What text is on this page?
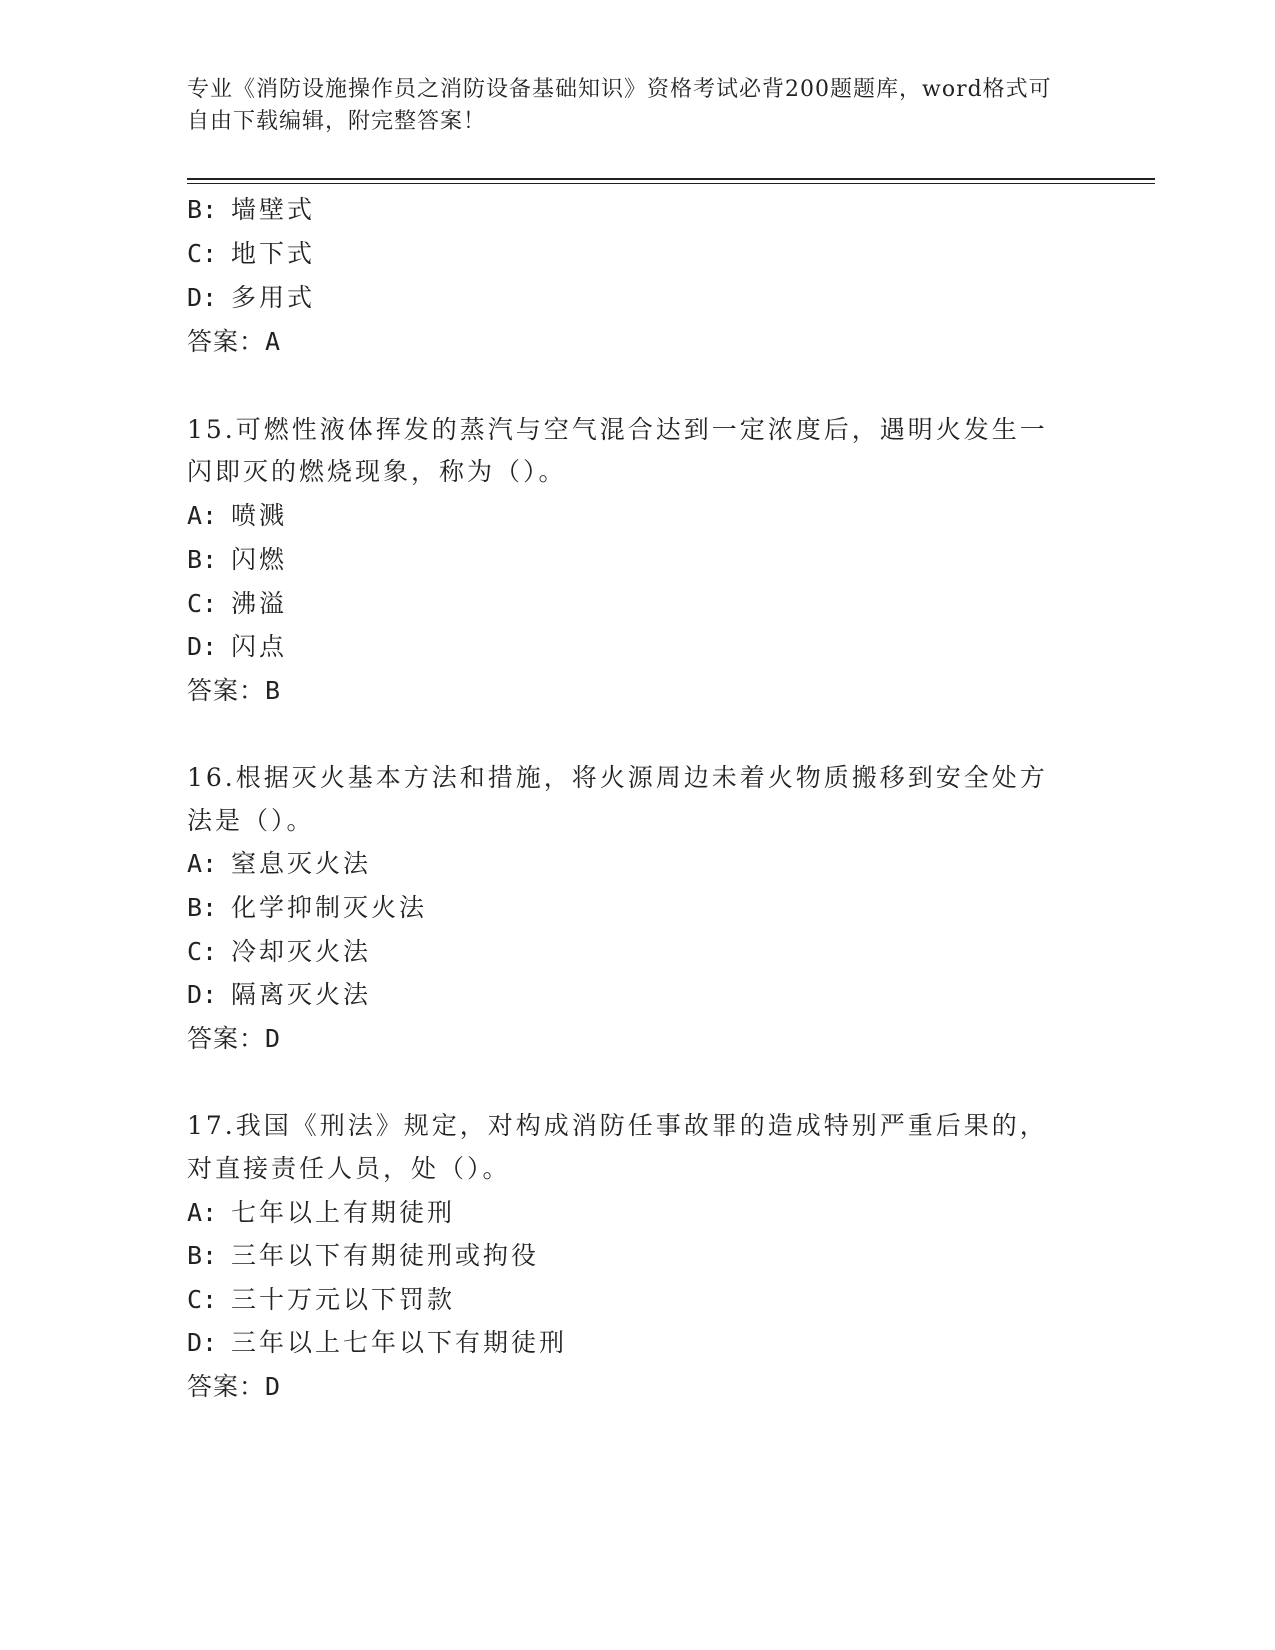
专业《消防设施操作员之消防设备基础知识》资格考试必背200题题库，word格式可自由下载编辑，附完整答案！
B: 墙壁式
C: 地下式
D: 多用式
答案：A
15.可燃性液体挥发的蒸汽与空气混合达到一定浓度后，遇明火发生一
闪即灭的燃烧现象，称为（）。
A: 喷溅
B: 闪燃
C: 沸溢
D: 闪点
答案：B
16.根据灭火基本方法和措施，将火源周边未着火物质搬移到安全处方
法是（）。
A: 窒息灭火法
B: 化学抑制灭火法
C: 冷却灭火法
D: 隔离灭火法
答案：D
17.我国《刑法》规定，对构成消防任事故罪的造成特别严重后果的，
对直接责任人员，处（）。
A: 七年以上有期徒刑
B: 三年以下有期徒刑或拘役
C: 三十万元以下罚款
D: 三年以上七年以下有期徒刑
答案：D
